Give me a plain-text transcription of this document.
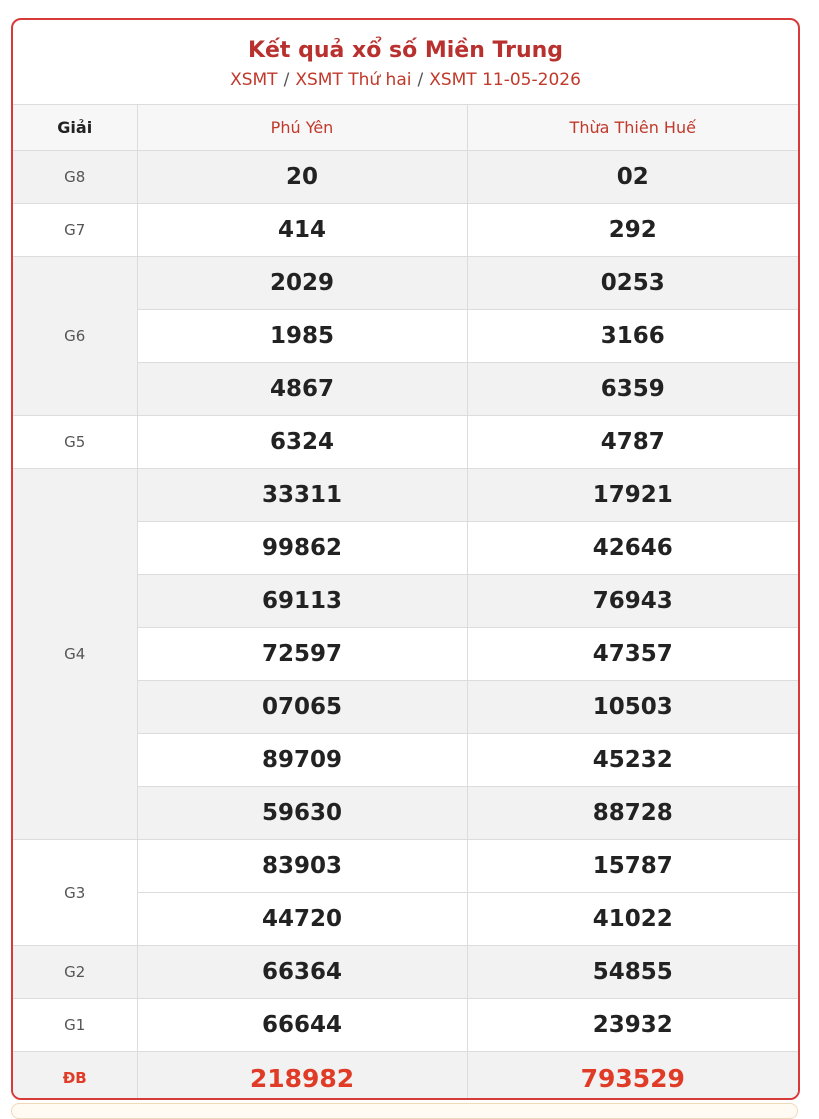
Kết quả xổ số Miền Trung
XSMT / XSMT Thứ hai / XSMT 11-05-2026
Giải	Phú Yên	Thừa Thiên Huế
G8	20	02
G7	414	292
G6	2029	0253
	1985	3166
	4867	6359
G5	6324	4787
G4	33311	17921
	99862	42646
	69113	76943
	72597	47357
	07065	10503
	89709	45232
	59630	88728
G3	83903	15787
	44720	41022
G2	66364	54855
G1	66644	23932
ĐB	218982	793529
